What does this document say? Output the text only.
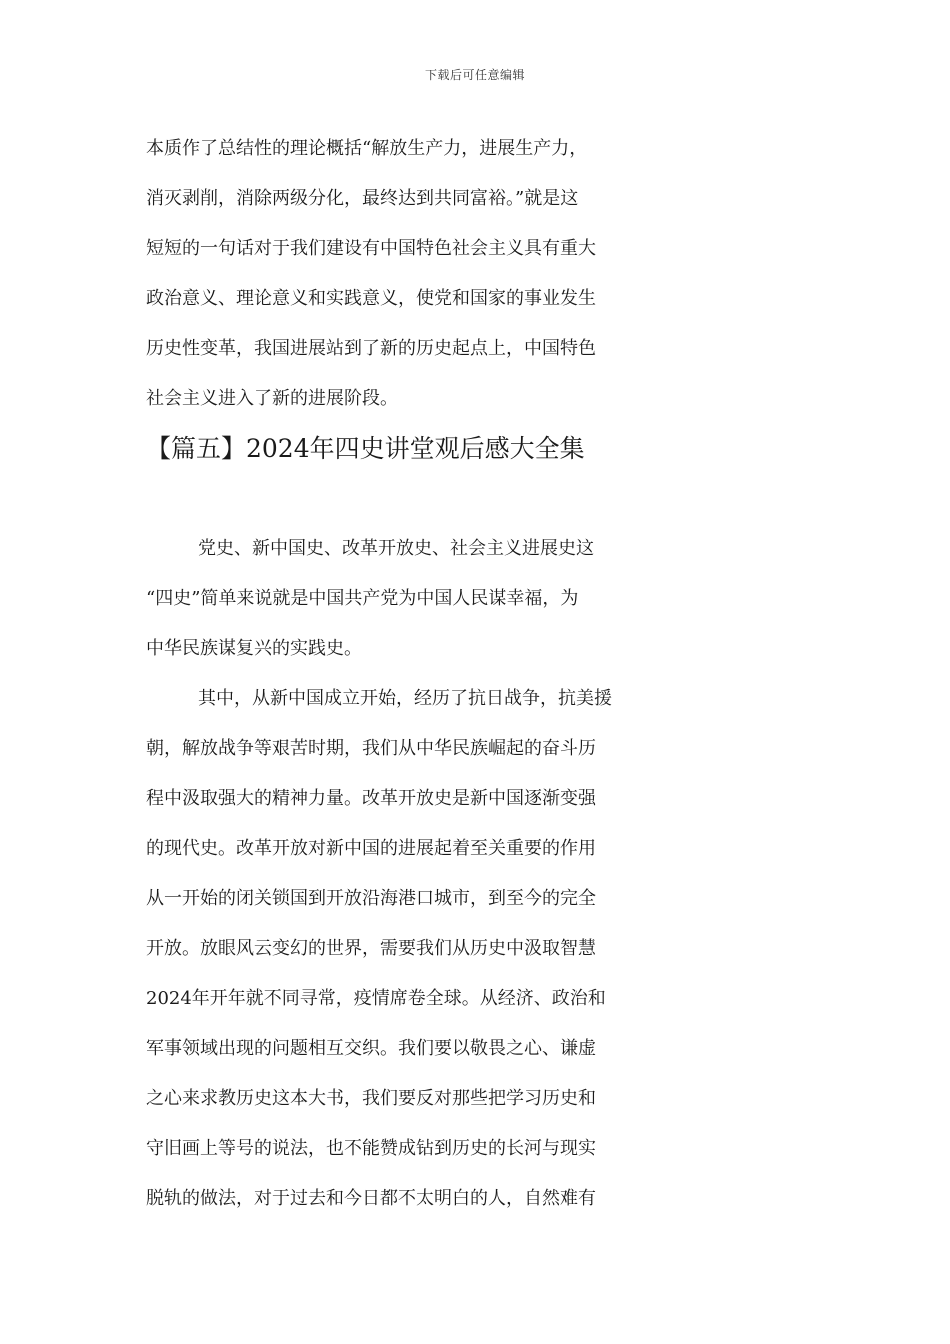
下载后可任意编辑
本质作了总结性的理论概括“解放生产力，进展生产力，
消灭剥削，消除两级分化，最终达到共同富裕。”就是这
短短的一句话对于我们建设有中国特色社会主义具有重大
政治意义、理论意义和实践意义，使党和国家的事业发生
历史性变革，我国进展站到了新的历史起点上，中国特色
社会主义进入了新的进展阶段。
【篇五】2024年四史讲堂观后感大全集
党史、新中国史、改革开放史、社会主义进展史这
“四史”简单来说就是中国共产党为中国人民谋幸福，为
中华民族谋复兴的实践史。
其中，从新中国成立开始，经历了抗日战争，抗美援
朝，解放战争等艰苦时期，我们从中华民族崛起的奋斗历
程中汲取强大的精神力量。改革开放史是新中国逐渐变强
的现代史。改革开放对新中国的进展起着至关重要的作用
从一开始的闭关锁国到开放沿海港口城市，到至今的完全
开放。放眼风云变幻的世界，需要我们从历史中汲取智慧
2024年开年就不同寻常，疫情席卷全球。从经济、政治和
军事领域出现的问题相互交织。我们要以敬畏之心、谦虚
之心来求教历史这本大书，我们要反对那些把学习历史和
守旧画上等号的说法，也不能赞成钻到历史的长河与现实
脱轨的做法，对于过去和今日都不太明白的人，自然难有
